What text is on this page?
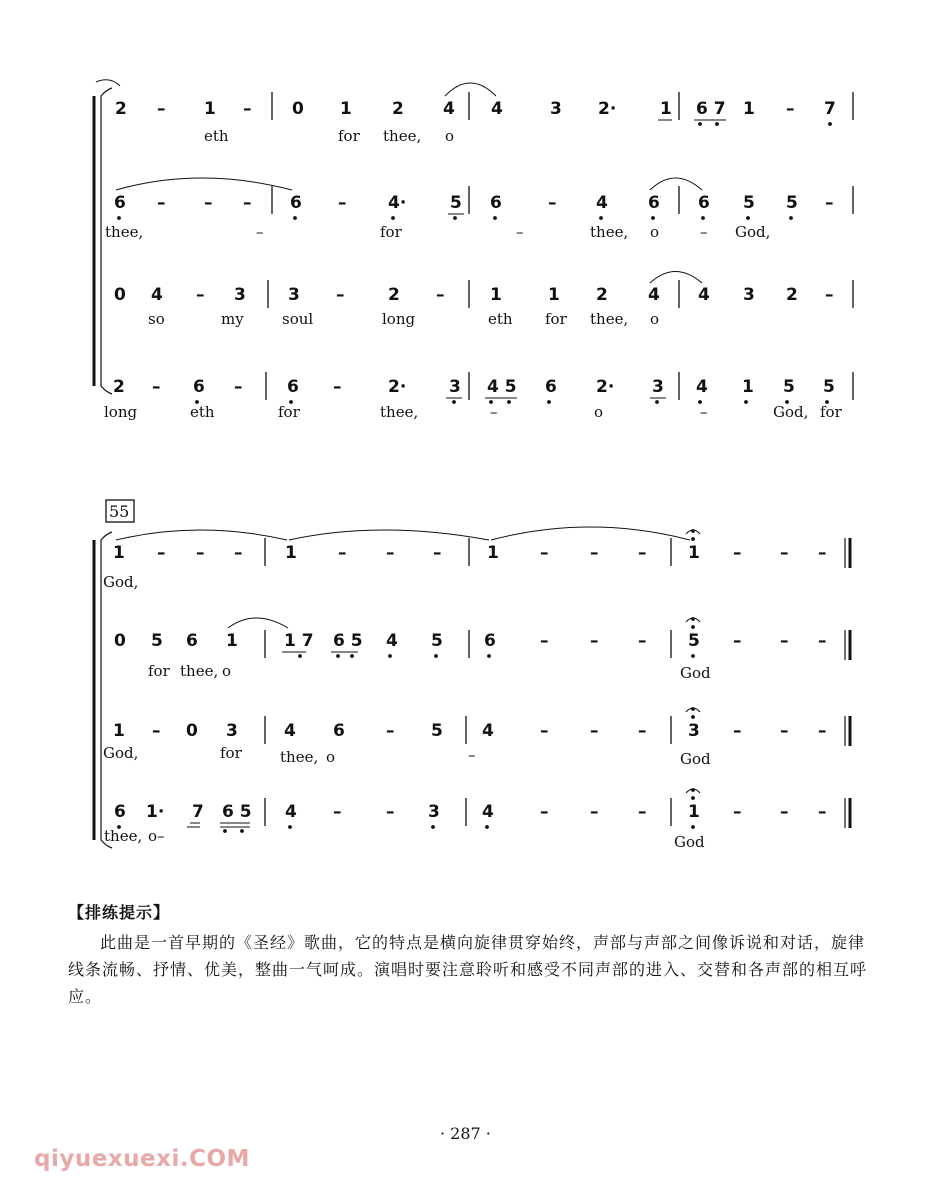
2 – 1 – 0 1 2 4 4	3 2·	1 6 7 1 – 7
eth	for thee, o
6 – – – 6 – 4·	5 6	– 4 6 6 5 5 –
thee,	–	for	–	thee, o	– God,
0 4 – 3 3 –	2 –	1	1 2 4 4 3 2 –
so	my	soul	long	eth for thee, o
2 – 6 –	6 –	2·	3 4 5 6 2· 3 4 1 5 5
long	eth	for	thee,	–	o	–	God, for
55
1 – – –	1 – – –	1 – – – 1 – – –
God,
0 5 6 1	1 7 6 5 4 5 6	– – – 5 – – –
for thee, o	God
1 – 0 3	4 6 – 5 4	– – – 3 – – –
God,	for	thee, o	–	God
6 1· 7 6 5 4 –	– 3 4	– – – 1 – – –
thee, o–	God
【排练提示】

此曲是一首早期的《圣经》歌曲，它的特点是横向旋律贯穿始终，声部与声部之间像诉说和对话，旋律线条流畅、抒情、优美，整曲一气呵成。演唱时要注意聆听和感受不同声部的进入、交替和各声部的相互呼应。

· 287 ·
qiyuexuexi.COM
